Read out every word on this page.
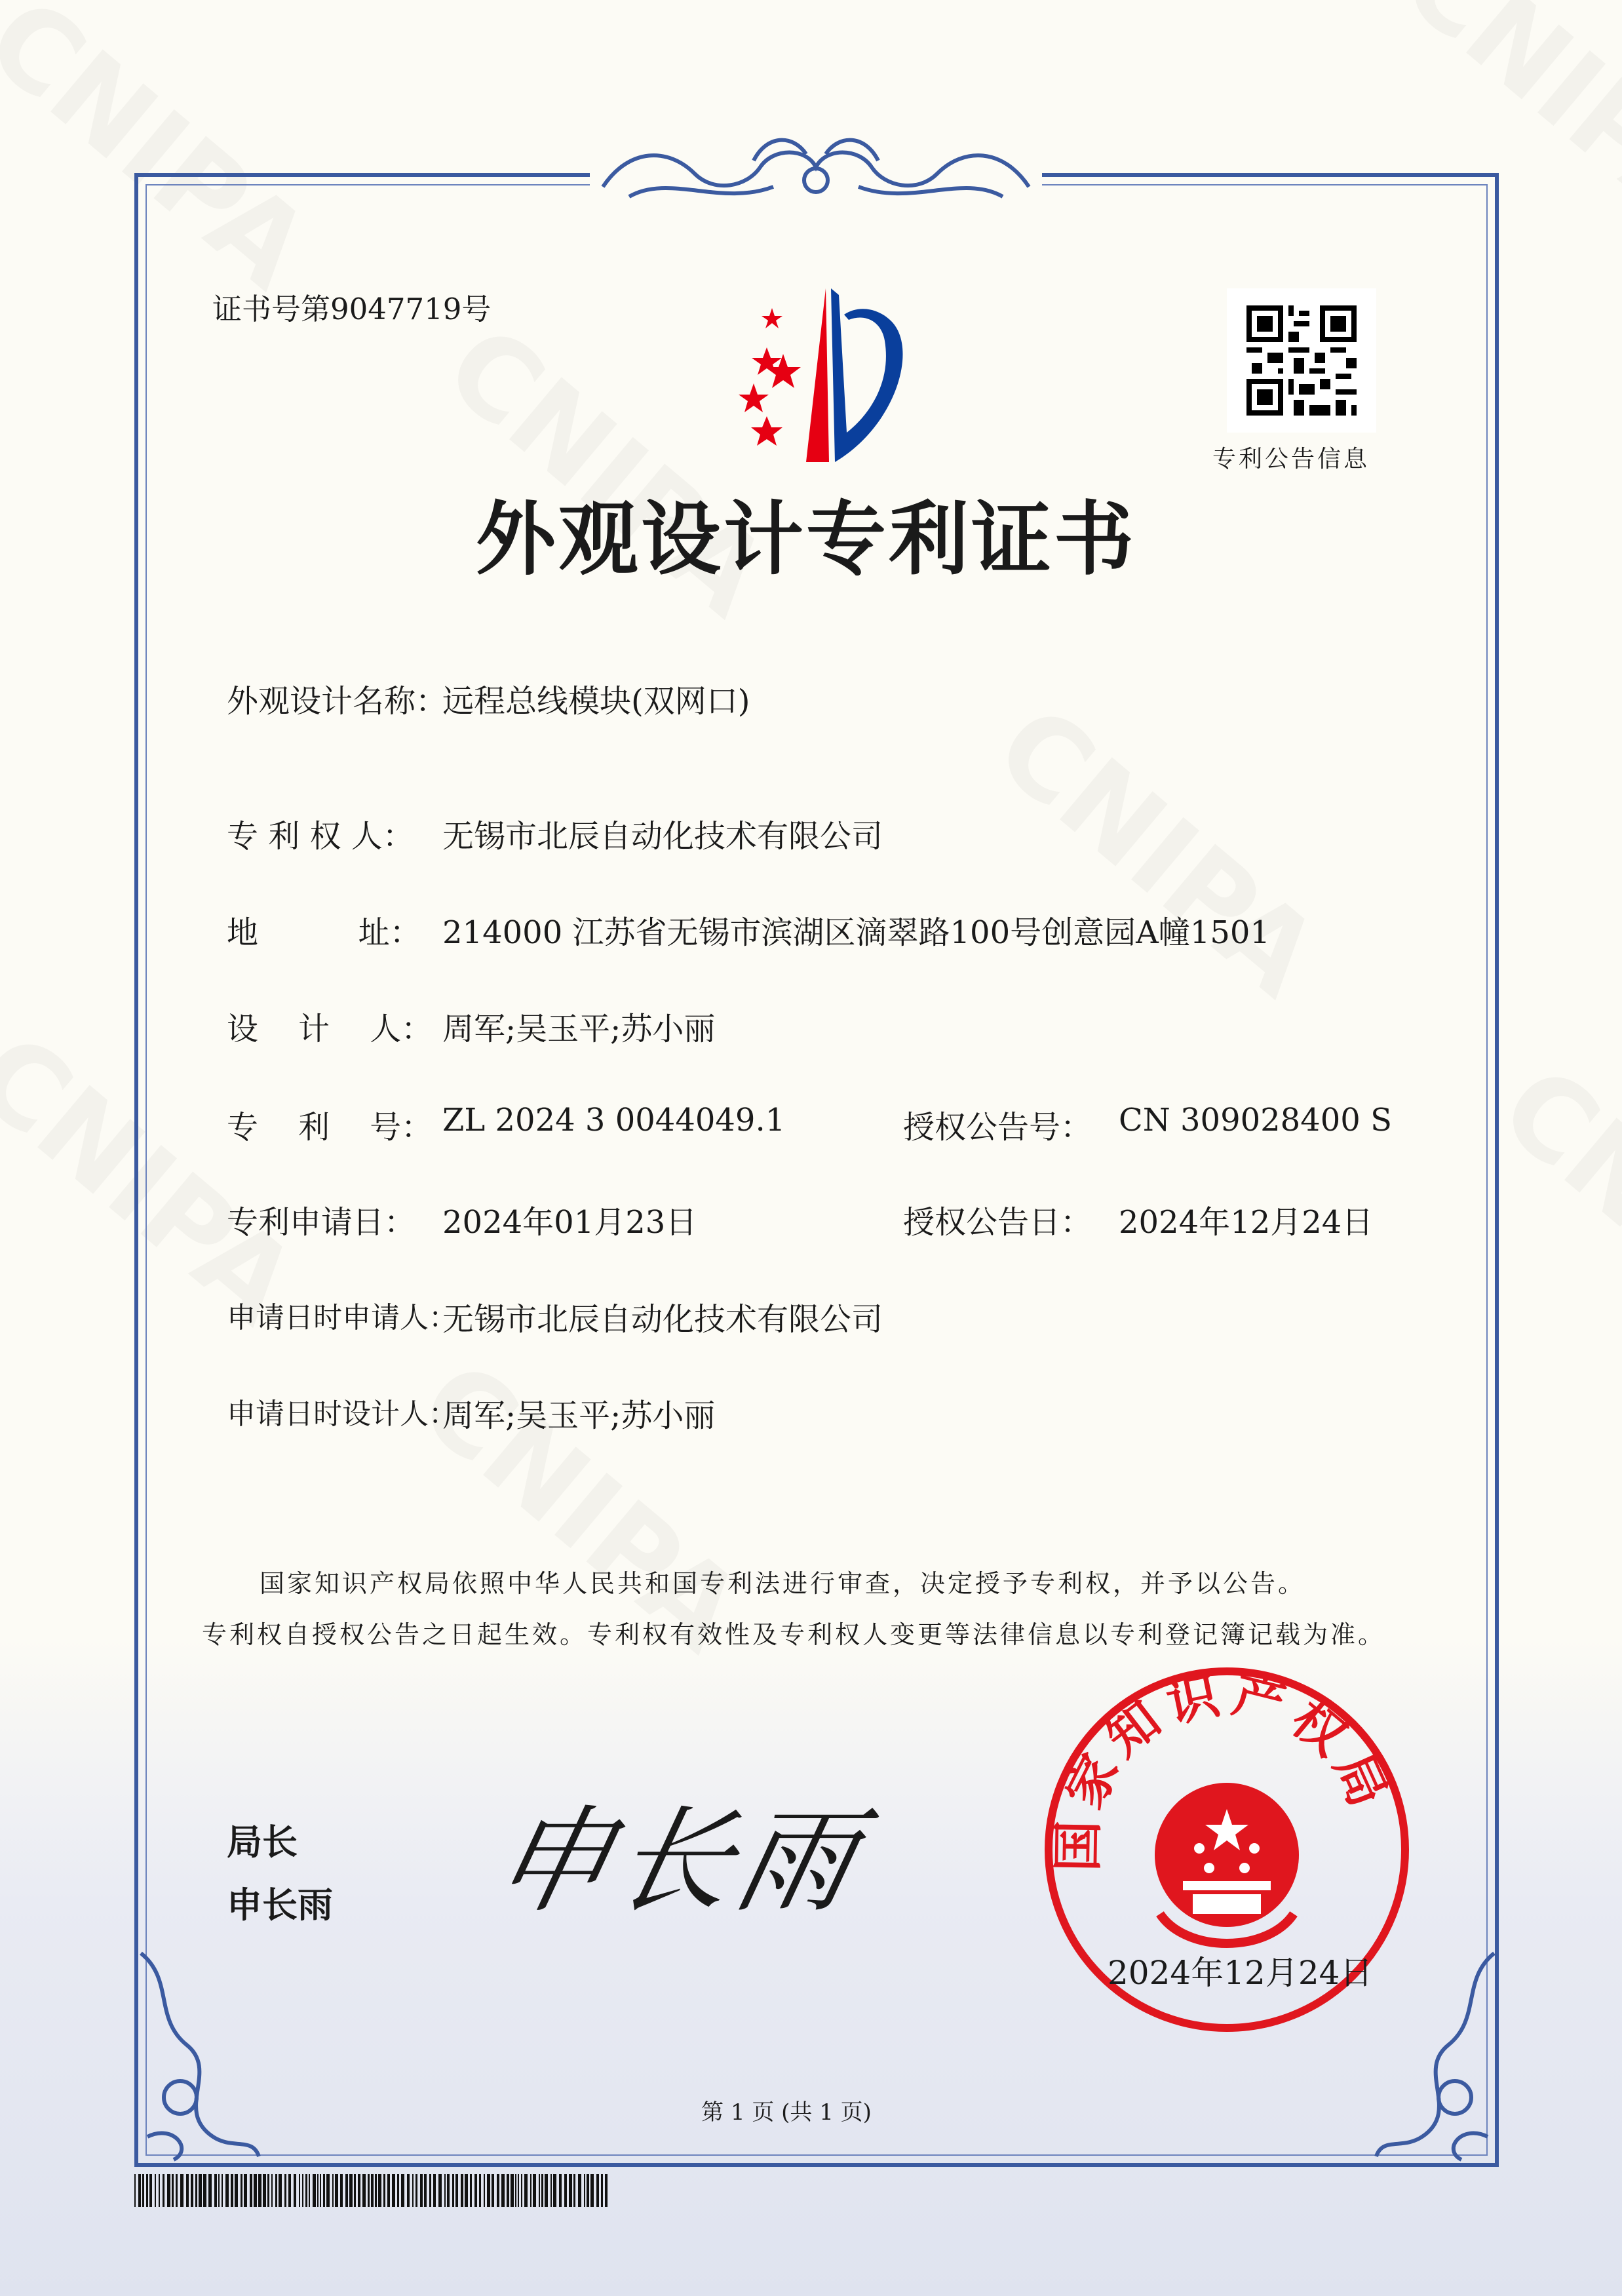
证书号第9047719号
专利公告信息
外观设计专利证书
外观设计名称：
远程总线模块(双网口)
专 利 权 人： 无锡市北辰自动化技术有限公司
地          址： 214000 江苏省无锡市滨湖区滴翠路100号创意园A幢1501
设    计    人： 周军;吴玉平;苏小丽
专    利    号： ZL 2024 3 0044049.1	授权公告号： CN 309028400 S
专利申请日： 2024年01月23日	授权公告日： 2024年12月24日
申请日时申请人：
无锡市北辰自动化技术有限公司
申请日时设计人：
周军;吴玉平;苏小丽
国家知识产权局依照中华人民共和国专利法进行审查，决定授予专利权，并予以公告。
专利权自授权公告之日起生效。专利权有效性及专利权人变更等法律信息以专利登记簿记载为准。
局长
申长雨 申长雨	国家知识产权局
2024年12月24日
第 1 页 (共 1 页)
